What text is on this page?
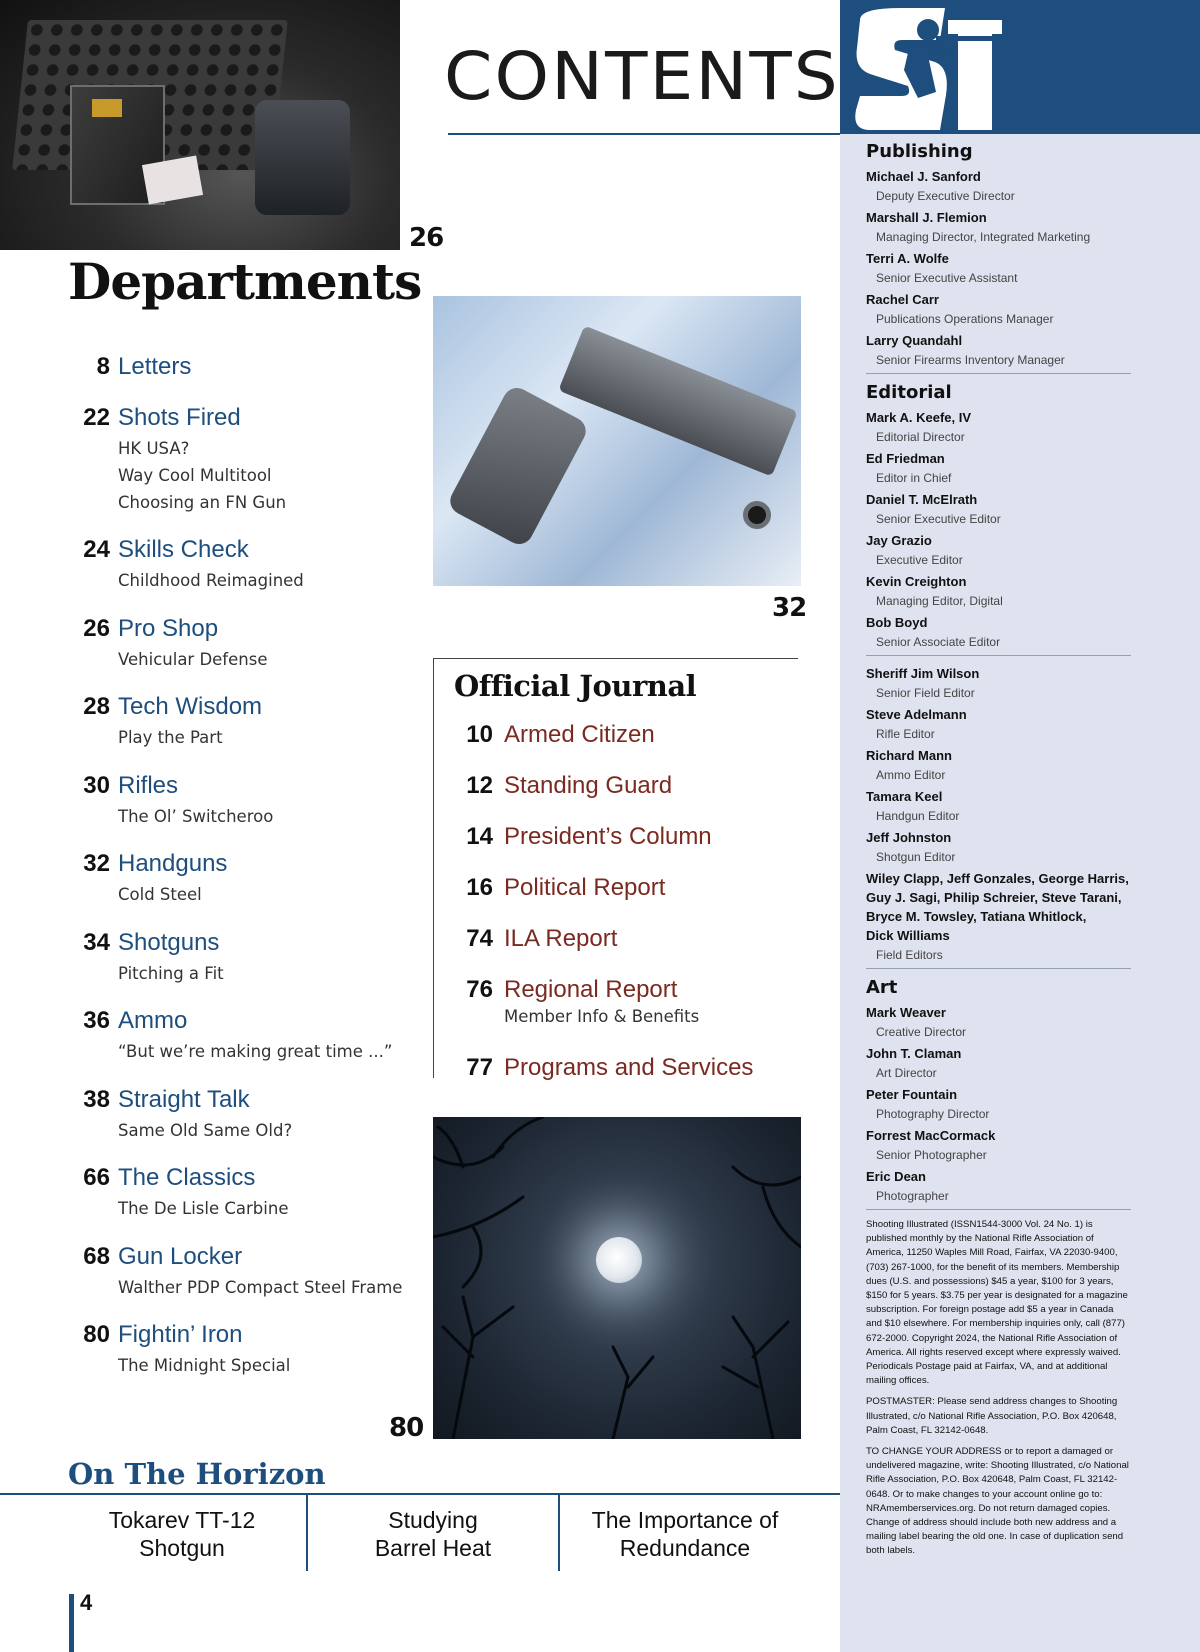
26
CONTENTS
Departments
8 Letters
22 Shots Fired
HK USA?
Way Cool Multitool
Choosing an FN Gun
24 Skills Check
Childhood Reimagined
26 Pro Shop
Vehicular Defense
28 Tech Wisdom
Play the Part
30 Rifles
The Ol’ Switcheroo
32 Handguns
Cold Steel
34 Shotguns
Pitching a Fit
36 Ammo
“But we’re making great time ...”
38 Straight Talk
Same Old Same Old?
66 The Classics
The De Lisle Carbine
68 Gun Locker
Walther PDP Compact Steel Frame
80 Fightin’ Iron
The Midnight Special
32
Official Journal
10 Armed Citizen
12 Standing Guard
14 President’s Column
16 Political Report
74 ILA Report
76 Regional Report
Member Info & Benefits
77 Programs and Services
80
On The Horizon
Tokarev TT-12
Shotgun
Studying
Barrel Heat
The Importance of
Redundance
4
Publishing
Michael J. Sanford
Deputy Executive Director
Marshall J. Flemion
Managing Director, Integrated Marketing
Terri A. Wolfe
Senior Executive Assistant
Rachel Carr
Publications Operations Manager
Larry Quandahl
Senior Firearms Inventory Manager
Editorial
Mark A. Keefe, IV
Editorial Director
Ed Friedman
Editor in Chief
Daniel T. McElrath
Senior Executive Editor
Jay Grazio
Executive Editor
Kevin Creighton
Managing Editor, Digital
Bob Boyd
Senior Associate Editor
Sheriff Jim Wilson
Senior Field Editor
Steve Adelmann
Rifle Editor
Richard Mann
Ammo Editor
Tamara Keel
Handgun Editor
Jeff Johnston
Shotgun Editor
Wiley Clapp, Jeff Gonzales, George Harris,
Guy J. Sagi, Philip Schreier, Steve Tarani,
Bryce M. Towsley, Tatiana Whitlock,
Dick Williams
Field Editors
Art
Mark Weaver
Creative Director
John T. Claman
Art Director
Peter Fountain
Photography Director
Forrest MacCormack
Senior Photographer
Eric Dean
Photographer

Shooting Illustrated (ISSN1544-3000 Vol. 24 No. 1) is published monthly by the National Rifle Association of America, 11250 Waples Mill Road, Fairfax, VA 22030-9400, (703) 267-1000, for the benefit of its members. Membership dues (U.S. and possessions) $45 a year, $100 for 3 years, $150 for 5 years. $3.75 per year is designated for a magazine subscription. For foreign postage add $5 a year in Canada and $10 elsewhere. For membership inquiries only, call (877) 672-2000. Copyright 2024, the National Rifle Association of America. All rights reserved except where expressly waived. Periodicals Postage paid at Fairfax, VA, and at additional mailing offices.

POSTMASTER: Please send address changes to Shooting Illustrated, c/o National Rifle Association, P.O. Box 420648, Palm Coast, FL 32142-0648.

TO CHANGE YOUR ADDRESS or to report a damaged or undelivered magazine, write: Shooting Illustrated, c/o National Rifle Association, P.O. Box 420648, Palm Coast, FL 32142-0648. Or to make changes to your account online go to: NRAmemberservices.org. Do not return damaged copies. Change of address should include both new address and a mailing label bearing the old one. In case of duplication send both labels.
